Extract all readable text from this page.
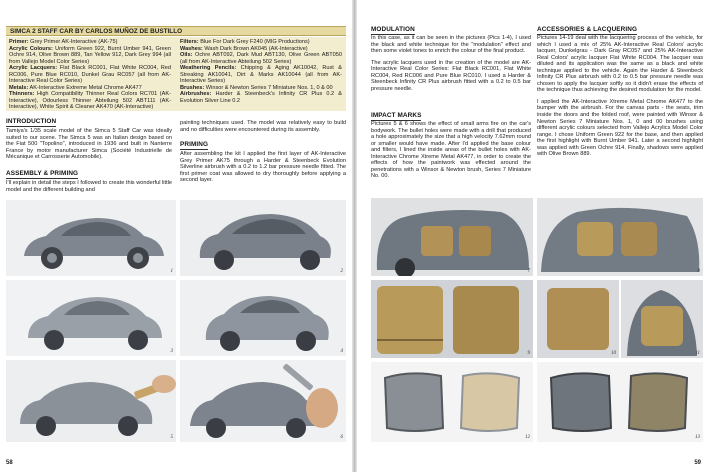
SIMCA 2 STAFF CAR BY CARLOS MUÑOZ DE BUSTILLO

Primer: Grey Primer AK-Interactive (AK-75)

Acrylic Colours: Uniform Green 922, Burnt Umber 941, Green Ochre 914, Olive Brown 889, Tan Yellow 912, Dark Grey 994 (all from Vallejo Model Color Series)

Acrylic Lacquers: Flat Black RC001, Flat White RC004, Red RC006, Pure Blue RC010, Dunkel Grau RC057 (all from AK-Interactive Real Color Series)

Metals: AK-Interactive Extreme Metal Chrome AK477

Thinners: High Compatibility Thinner Real Colors RC701 (AK-Interactive), Odourless Thinner Abteilung 502 ABT111 (AK-Interactive), White Spirit & Cleaner AK470 (AK-Interactive)

Filters: Blue For Dark Grey F240 (MIG Productions)

Washes: Wash Dark Brown AK045 (AK-Interactive)

Oils: Ochre ABT092, Dark Mud ABT130, Olive Green ABT050 (all from AK-Interactive Abteilung 502 Series)

Weathering Pencils: Chipping & Aging AK10042, Rust & Streaking AK10041, Dirt & Marks AK10044 (all from AK-Interactive Series)

Brushes: Winsor & Newton Series 7 Miniature Nos. 1, 0 & 00

Airbrushes: Harder & Steenbeck's Infinity CR Plus 0.2 & Evolution Silver Line 0.2

INTRODUCTION

Tamiya's 1/35 scale model of the Simca 5 Staff Car was ideally suited to our scene. The Simca 5 was an Italian design based on the Fiat 500 "Topolino", introduced in 1936 and built in Nanterre France by motor manufacturer Simca (Société Industrielle de Mécanique et Carrosserie Automobile).

ASSEMBLY & PRIMING

I'll explain in detail the steps I followed to create this wonderful little model and the different building and

painting techniques used. The model was relatively easy to build and no difficulties were encountered during its assembly.

PRIMING

After assembling the kit I applied the first layer of AK-Interactive Grey Primer AK75 through a Harder & Steenbeck Evolution Silverline airbrush with a 0.2 to 1.2 bar pressure needle fitted. The first primer coat was allowed to dry thoroughly before applying a second layer.

1	2
3	4
5	6
58
MODULATION

In this case, as it can be seen in the pictures (Pics 1-4), I used the black and white technique for the "modulation" effect and then some violet tones to enrich the colour of the final product.

The acrylic lacquers used in the creation of the model are AK-Interactive Real Color Series: Flat Black RC001, Flat White RC004, Red RC006 and Pure Blue RC010. I used a Harder & Steenbeck Infinity CR Plus airbrush fitted with a 0.2 to 0.5 bar pressure needle.

IMPACT MARKS

Pictures 5 & 6 shows the effect of small arms fire on the car's bodywork. The bullet holes were made with a drill that produced a hole approximately the size that a high velocity 7.62mm round or smaller would have made. After I'd applied the base colour and filters, I lined the inside areas of the bullet holes with AK-Interactive Chrome Xtreme Metal AK477, in order to create the effects of how the paintwork was effected around the penetrations with a Winsor & Newton brush, Series 7 Miniature No. 00.

ACCESSORIES & LACQUERING

Pictures 14-19 deal with the lacquering process of the vehicle, for which I used a mix of 25% AK-Interactive Real Colors' acrylic lacquer, Dunkelgrau - Dark Gray RC057 and 25% AK-Interactive Real Colors' acrylic lacquer Flat White RC004. The lacquer was diluted and its application was the same as a black and white technique applied to the vehicle. Again the Harder & Steenbeck Infinity CR Plus airbrush with 0.2 to 0.5 bar pressure needle was chosen to apply the lacquer softly so it didn't erase the effects of the technique thus achieving the desired modulation for the model.

I applied the AK-Interactive Xtreme Metal Chrome AK477 to the bumper with the airbrush. For the canvas parts - the seats, trim inside the doors and the folded roof, were painted with Winsor & Newton Series 7 Miniature Nos. 1, 0 and 00 brushes using different acrylic colours selected from Vallejo Acrylics Model Color range. I chose Uniform Green 922 for the base, and then applied the first highlight with Burnt Umber 941. Later a second highlight was applied with Green Ochre 914. Finally, shadows were applied with Olive Brown 889.

7	8
9	10	11
12	13
59
